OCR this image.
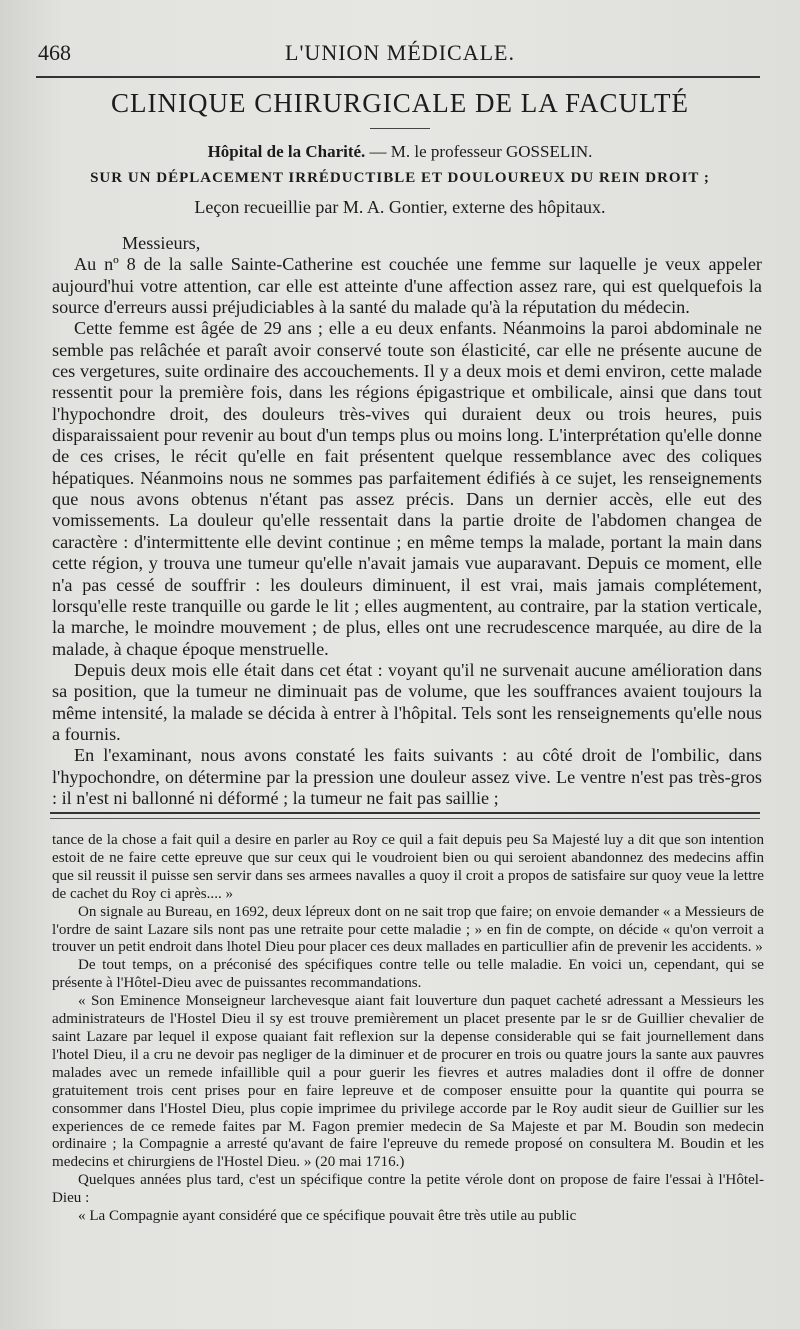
468	L'UNION MÉDICALE.
CLINIQUE CHIRURGICALE DE LA FACULTÉ
Hôpital de la Charité. — M. le professeur GOSSELIN.
SUR UN DÉPLACEMENT IRRÉDUCTIBLE ET DOULOUREUX DU REIN DROIT ;
Leçon recueillie par M. A. Gontier, externe des hôpitaux.

Messieurs,

Au nº 8 de la salle Sainte-Catherine est couchée une femme sur laquelle je veux appeler aujourd'hui votre attention, car elle est atteinte d'une affection assez rare, qui est quelquefois la source d'erreurs aussi préjudiciables à la santé du malade qu'à la réputation du médecin.

Cette femme est âgée de 29 ans ; elle a eu deux enfants. Néanmoins la paroi abdominale ne semble pas relâchée et paraît avoir conservé toute son élasticité, car elle ne présente aucune de ces vergetures, suite ordinaire des accouchements. Il y a deux mois et demi environ, cette malade ressentit pour la première fois, dans les régions épigastrique et ombilicale, ainsi que dans tout l'hypochondre droit, des douleurs très-vives qui duraient deux ou trois heures, puis disparaissaient pour revenir au bout d'un temps plus ou moins long. L'interprétation qu'elle donne de ces crises, le récit qu'elle en fait présentent quelque ressemblance avec des coliques hépatiques. Néanmoins nous ne sommes pas parfaitement édifiés à ce sujet, les renseignements que nous avons obtenus n'étant pas assez précis. Dans un dernier accès, elle eut des vomissements. La douleur qu'elle ressentait dans la partie droite de l'abdomen changea de caractère : d'intermittente elle devint continue ; en même temps la malade, portant la main dans cette région, y trouva une tumeur qu'elle n'avait jamais vue auparavant. Depuis ce moment, elle n'a pas cessé de souffrir : les douleurs diminuent, il est vrai, mais jamais complétement, lorsqu'elle reste tranquille ou garde le lit ; elles augmentent, au contraire, par la station verticale, la marche, le moindre mouvement ; de plus, elles ont une recrudescence marquée, au dire de la malade, à chaque époque menstruelle.

Depuis deux mois elle était dans cet état : voyant qu'il ne survenait aucune amélioration dans sa position, que la tumeur ne diminuait pas de volume, que les souffrances avaient toujours la même intensité, la malade se décida à entrer à l'hôpital. Tels sont les renseignements qu'elle nous a fournis.

En l'examinant, nous avons constaté les faits suivants : au côté droit de l'ombilic, dans l'hypochondre, on détermine par la pression une douleur assez vive. Le ventre n'est pas très-gros : il n'est ni ballonné ni déformé ; la tumeur ne fait pas saillie ;

tance de la chose a fait quil a desire en parler au Roy ce quil a fait depuis peu Sa Majesté luy a dit que son intention estoit de ne faire cette epreuve que sur ceux qui le voudroient bien ou qui seroient abandonnez des medecins affin que sil reussit il puisse sen servir dans ses armees navalles a quoy il croit a propos de satisfaire sur quoy veue la lettre de cachet du Roy ci après.... »

On signale au Bureau, en 1692, deux lépreux dont on ne sait trop que faire; on envoie demander « a Messieurs de l'ordre de saint Lazare sils nont pas une retraite pour cette maladie ; » en fin de compte, on décide « qu'on verroit a trouver un petit endroit dans lhotel Dieu pour placer ces deux mallades en particullier afin de prevenir les accidents. »

De tout temps, on a préconisé des spécifiques contre telle ou telle maladie. En voici un, cependant, qui se présente à l'Hôtel-Dieu avec de puissantes recommandations.

« Son Eminence Monseigneur larchevesque aiant fait louverture dun paquet cacheté adressant a Messieurs les administrateurs de l'Hostel Dieu il sy est trouve premièrement un placet presente par le sr de Guillier chevalier de saint Lazare par lequel il expose quaiant fait reflexion sur la depense considerable qui se fait journellement dans l'hotel Dieu, il a cru ne devoir pas negliger de la diminuer et de procurer en trois ou quatre jours la sante aux pauvres malades avec un remede infaillible quil a pour guerir les fievres et autres maladies dont il offre de donner gratuitement trois cent prises pour en faire lepreuve et de composer ensuitte pour la quantite qui pourra se consommer dans l'Hostel Dieu, plus copie imprimee du privilege accorde par le Roy audit sieur de Guillier sur les experiences de ce remede faites par M. Fagon premier medecin de Sa Majeste et par M. Boudin son medecin ordinaire ; la Compagnie a arresté qu'avant de faire l'epreuve du remede proposé on consultera M. Boudin et les medecins et chirurgiens de l'Hostel Dieu. » (20 mai 1716.)

Quelques années plus tard, c'est un spécifique contre la petite vérole dont on propose de faire l'essai à l'Hôtel-Dieu :

« La Compagnie ayant considéré que ce spécifique pouvait être très utile au public
